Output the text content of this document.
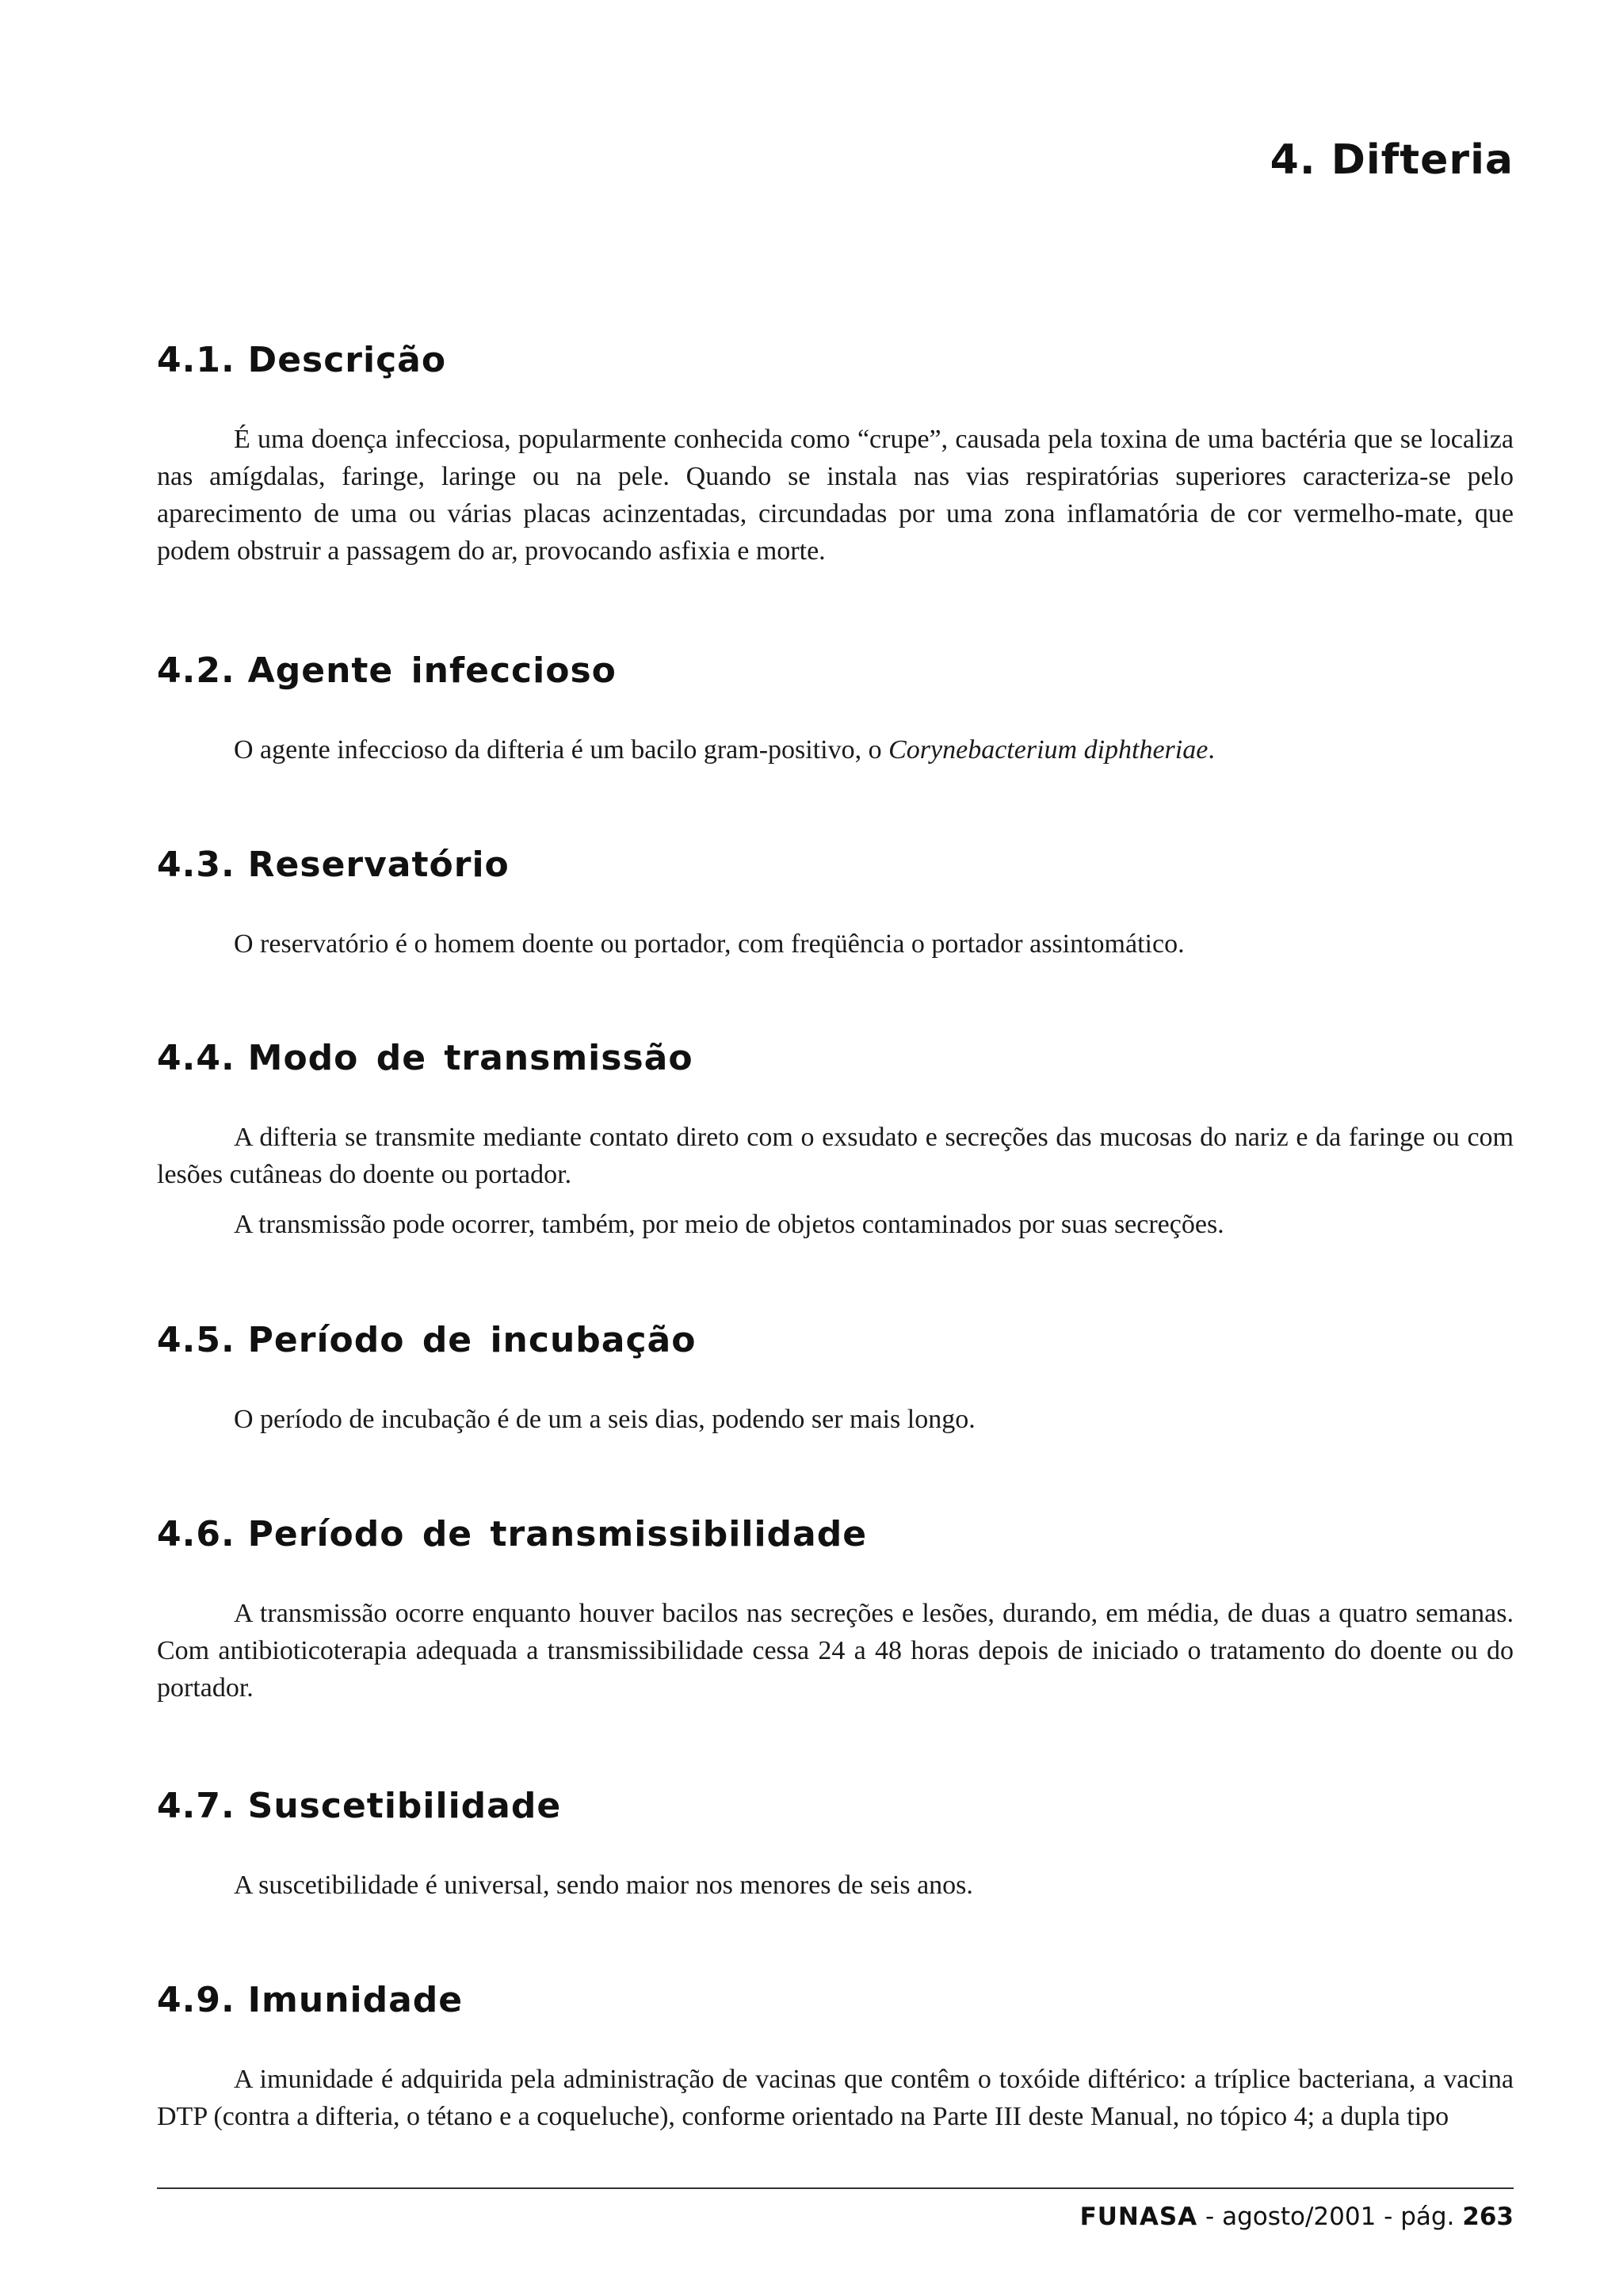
4. Difteria
4.1. Descrição

É uma doença infecciosa, popularmente conhecida como “crupe”, causada pela toxina de uma bactéria que se localiza nas amígdalas, faringe, laringe ou na pele. Quando se instala nas vias respiratórias superiores caracteriza-se pelo aparecimento de uma ou várias placas acinzentadas, circundadas por uma zona inflamatória de cor vermelho-mate, que podem obstruir a passagem do ar, provocando asfixia e morte.

4.2. Agente infeccioso

O agente infeccioso da difteria é um bacilo gram-positivo, o Corynebacterium diphtheriae.

4.3. Reservatório

O reservatório é o homem doente ou portador, com freqüência o portador assintomático.

4.4. Modo de transmissão

A difteria se transmite mediante contato direto com o exsudato e secreções das mucosas do nariz e da faringe ou com lesões cutâneas do doente ou portador.

A transmissão pode ocorrer, também, por meio de objetos contaminados por suas secreções.

4.5. Período de incubação

O período de incubação é de um a seis dias, podendo ser mais longo.

4.6. Período de transmissibilidade

A transmissão ocorre enquanto houver bacilos nas secreções e lesões, durando, em média, de duas a quatro semanas. Com antibioticoterapia adequada a transmissibilidade cessa 24 a 48 horas depois de iniciado o tratamento do doente ou do portador.

4.7. Suscetibilidade

A suscetibilidade é universal, sendo maior nos menores de seis anos.

4.9. Imunidade

A imunidade é adquirida pela administração de vacinas que contêm o toxóide diftérico: a tríplice bacteriana, a vacina DTP (contra a difteria, o tétano e a coqueluche), conforme orientado na Parte III deste Manual, no tópico 4; a dupla tipo

FUNASA - agosto/2001 - pág. 263
